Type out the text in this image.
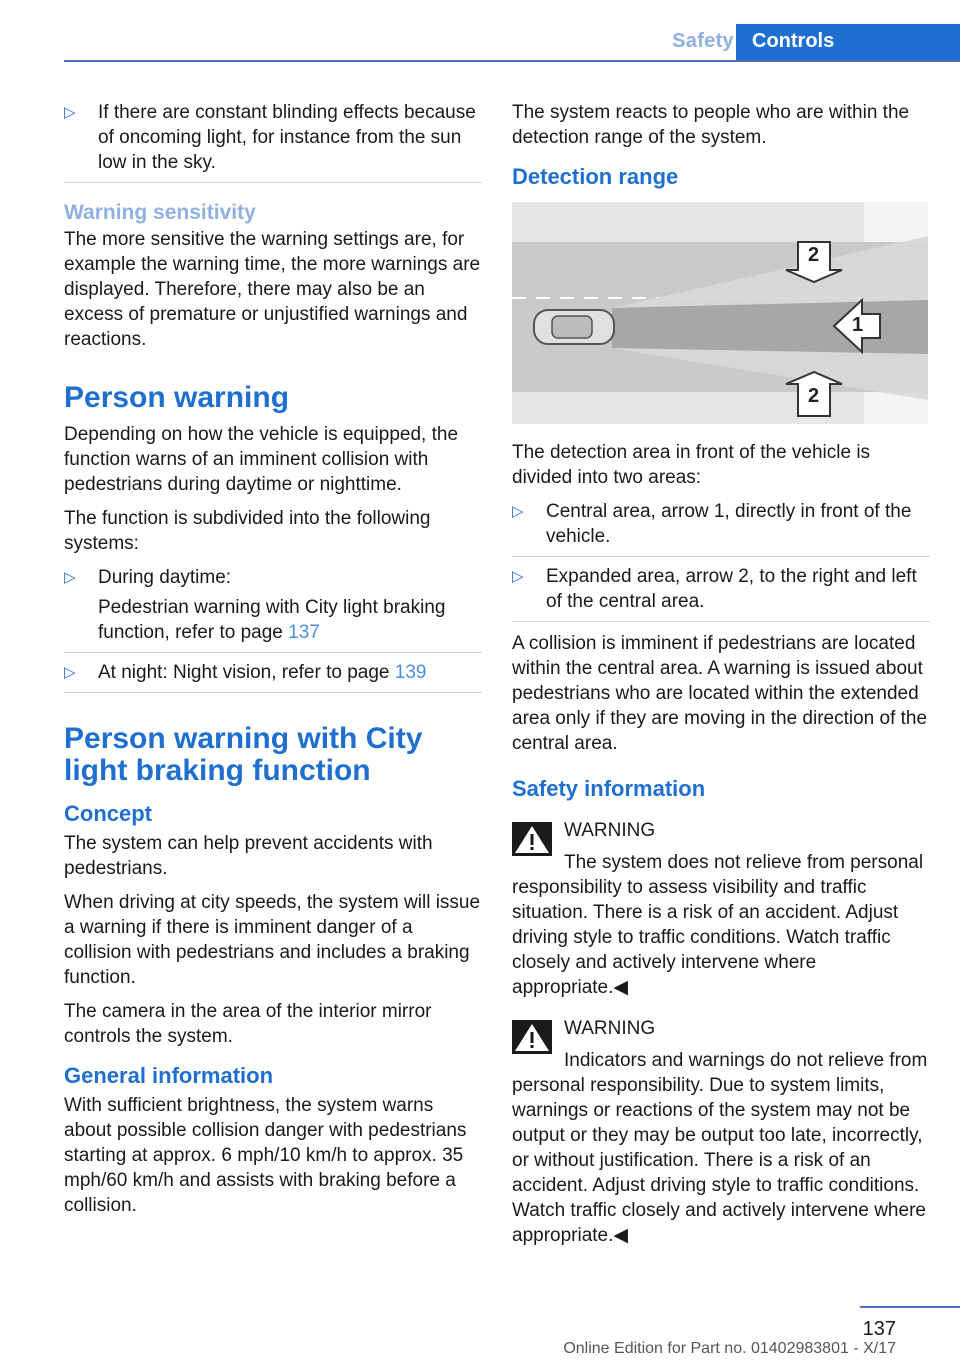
Safety Controls
▷ If there are constant blinding effects because of oncoming light, for instance from the sun low in the sky.
Warning sensitivity

The more sensitive the warning settings are, for example the warning time, the more warnings are displayed. Therefore, there may also be an excess of premature or unjustified warnings and reactions.

Person warning

Depending on how the vehicle is equipped, the function warns of an imminent collision with pedestrians during daytime or nighttime.

The function is subdivided into the following systems:

▷ During daytime:
Pedestrian warning with City light braking function, refer to page 137
▷ At night: Night vision, refer to page 139
Person warning with City light braking function
Concept

The system can help prevent accidents with pedestrians.

When driving at city speeds, the system will issue a warning if there is imminent danger of a collision with pedestrians and includes a braking function.

The camera in the area of the interior mirror controls the system.

General information

With sufficient brightness, the system warns about possible collision danger with pedestrians starting at approx. 6 mph/10 km/h to approx. 35 mph/60 km/h and assists with braking before a collision.

The system reacts to people who are within the detection range of the system.

Detection range
1
2
2

The detection area in front of the vehicle is divided into two areas:

▷ Central area, arrow 1, directly in front of the vehicle.
▷ Expanded area, arrow 2, to the right and left of the central area.

A collision is imminent if pedestrians are located within the central area. A warning is issued about pedestrians who are located within the extended area only if they are moving in the direction of the central area.

Safety information
WARNING
The system does not relieve from personal responsibility to assess visibility and traffic situation. There is a risk of an accident. Adjust driving style to traffic conditions. Watch traffic closely and actively intervene where appropriate.◀
WARNING
Indicators and warnings do not relieve from personal responsibility. Due to system limits, warnings or reactions of the system may not be output or they may be output too late, incorrectly, or without justification. There is a risk of an accident. Adjust driving style to traffic conditions. Watch traffic closely and actively intervene where appropriate.◀
137
Online Edition for Part no. 01402983801 - X/17
